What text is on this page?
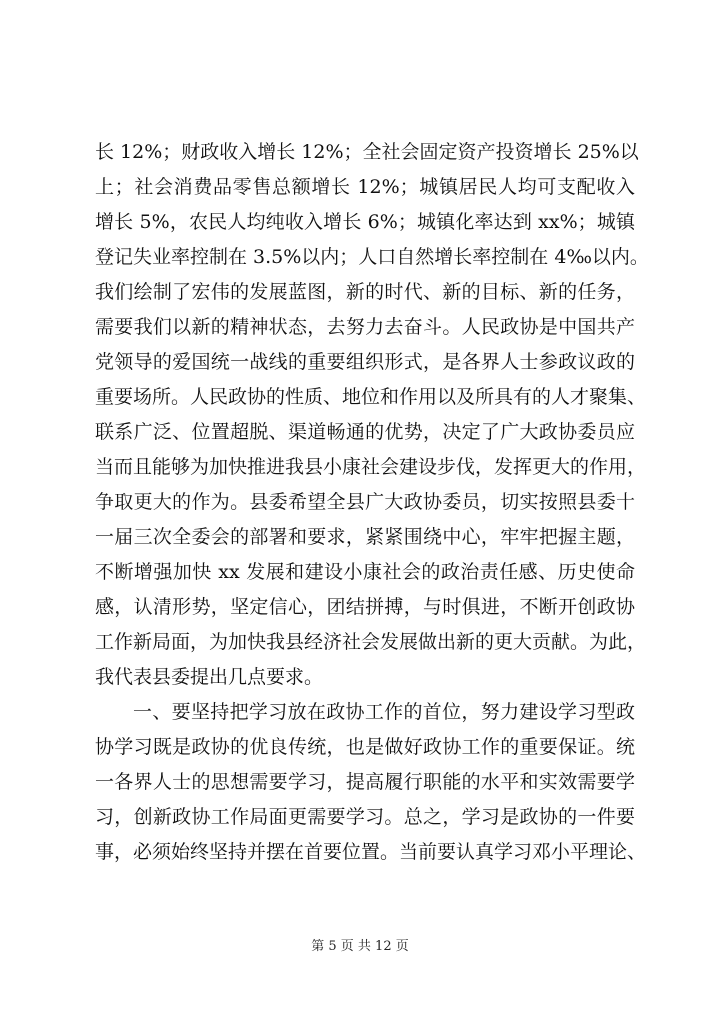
长 12%；财政收入增长 12%；全社会固定资产投资增长 25%以
上；社会消费品零售总额增长 12%；城镇居民人均可支配收入
增长 5%，农民人均纯收入增长 6%；城镇化率达到 xx%；城镇
登记失业率控制在 3.5%以内；人口自然增长率控制在 4‰以内。
我们绘制了宏伟的发展蓝图，新的时代、新的目标、新的任务，
需要我们以新的精神状态，去努力去奋斗。人民政协是中国共产
党领导的爱国统一战线的重要组织形式，是各界人士参政议政的
重要场所。人民政协的性质、地位和作用以及所具有的人才聚集、
联系广泛、位置超脱、渠道畅通的优势，决定了广大政协委员应
当而且能够为加快推进我县小康社会建设步伐，发挥更大的作用，
争取更大的作为。县委希望全县广大政协委员，切实按照县委十
一届三次全委会的部署和要求，紧紧围绕中心，牢牢把握主题，
不断增强加快 xx 发展和建设小康社会的政治责任感、历史使命
感，认清形势，坚定信心，团结拼搏，与时俱进，不断开创政协
工作新局面，为加快我县经济社会发展做出新的更大贡献。为此，
我代表县委提出几点要求。
一、要坚持把学习放在政协工作的首位，努力建设学习型政
协学习既是政协的优良传统，也是做好政协工作的重要保证。统
一各界人士的思想需要学习，提高履行职能的水平和实效需要学
习，创新政协工作局面更需要学习。总之，学习是政协的一件要
事，必须始终坚持并摆在首要位置。当前要认真学习邓小平理论、
第 5 页 共 12 页
